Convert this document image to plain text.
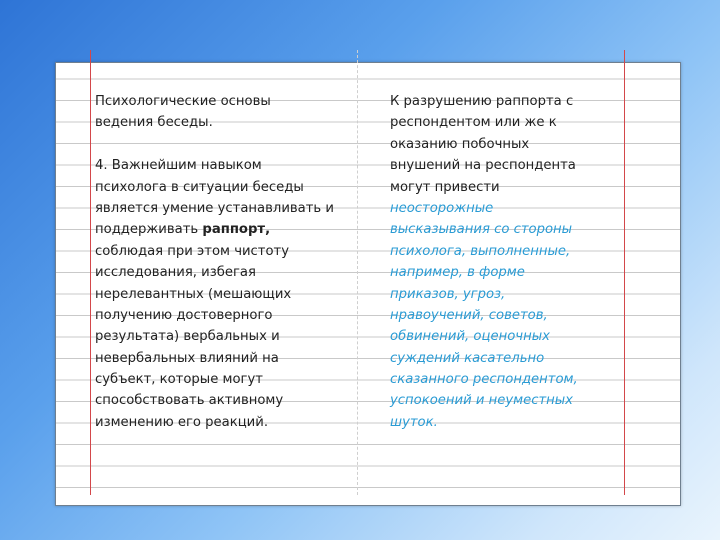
Психологические основы
ведения беседы.
4. Важнейшим навыком
психолога в ситуации беседы
является умение устанавливать и
поддерживать раппорт,
соблюдая при этом чистоту
исследования, избегая
нерелевантных (мешающих
получению достоверного
результата) вербальных и
невербальных влияний на
субъект, которые могут
способствовать активному
изменению его реакций.
К разрушению раппорта с
респондентом или же к
оказанию побочных
внушений на респондента
могут привести
неосторожные
высказывания со стороны
психолога, выполненные,
например, в форме
приказов, угроз,
нравоучений, советов,
обвинений, оценочных
суждений касательно
сказанного респондентом,
успокоений и неуместных
шуток.
